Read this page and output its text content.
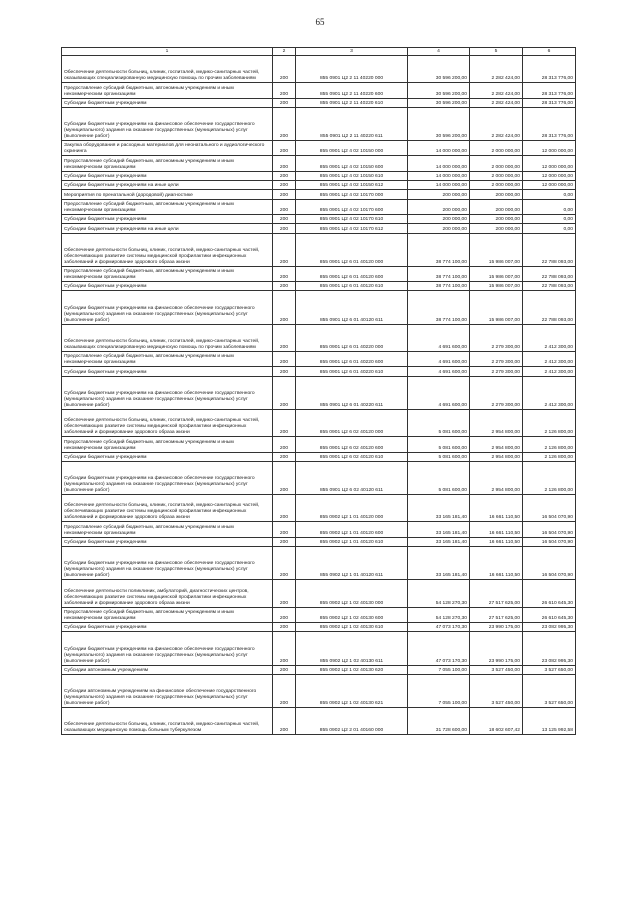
65
1	2	3	4	5	6
Обеспечение деятельности больниц, клиник, госпиталей, медико-санитарных частей, оказывающих специализированную медицинскую помощь по прочим заболеваниям	200	855 0901 Ц2 2 11 40220 000	30 596 200,00	2 282 424,00	28 313 776,00
Предоставление субсидий бюджетным, автономным учреждениям и иным некоммерческим организациям	200	855 0901 Ц2 2 11 40220 600	30 596 200,00	2 282 424,00	28 313 776,00
Субсидии бюджетным учреждениям	200	855 0901 Ц2 2 11 40220 610	30 596 200,00	2 282 424,00	28 313 776,00
Субсидии бюджетным учреждениям на финансовое обеспечение государственного (муниципального) задания на оказание государственных (муниципальных) услуг (выполнение работ)	200	855 0901 Ц2 2 11 40220 611	30 596 200,00	2 282 424,00	28 313 776,00
Закупка оборудования и расходных материалов для неонатального и аудиологического скрининга	200	855 0901 Ц2 4 02 10150 000	14 000 000,00	2 000 000,00	12 000 000,00
Предоставление субсидий бюджетным, автономным учреждениям и иным некоммерческим организациям	200	855 0901 Ц2 4 02 10150 600	14 000 000,00	2 000 000,00	12 000 000,00
Субсидии бюджетным учреждениям	200	855 0901 Ц2 4 02 10150 610	14 000 000,00	2 000 000,00	12 000 000,00
Субсидии бюджетным учреждениям на иные цели	200	855 0901 Ц2 4 02 10150 612	14 000 000,00	2 000 000,00	12 000 000,00
Мероприятия по пренатальной (дородовой) диагностике	200	855 0901 Ц2 4 02 10170 000	200 000,00	200 000,00	0,00
Предоставление субсидий бюджетным, автономным учреждениям и иным некоммерческим организациям	200	855 0901 Ц2 4 02 10170 600	200 000,00	200 000,00	0,00
Субсидии бюджетным учреждениям	200	855 0901 Ц2 4 02 10170 610	200 000,00	200 000,00	0,00
Субсидии бюджетным учреждениям на иные цели	200	855 0901 Ц2 4 02 10170 612	200 000,00	200 000,00	0,00
Обеспечение деятельности больниц, клиник, госпиталей, медико-санитарных частей, обеспечивающих развитие системы медицинской профилактики инфекционных заболеваний и формирование здорового образа жизни	200	855 0901 Ц2 6 01 40120 000	38 774 100,00	15 986 007,00	22 788 093,00
Предоставление субсидий бюджетным, автономным учреждениям и иным некоммерческим организациям	200	855 0901 Ц2 6 01 40120 600	38 774 100,00	15 986 007,00	22 788 093,00
Субсидии бюджетным учреждениям	200	855 0901 Ц2 6 01 40120 610	38 774 100,00	15 986 007,00	22 788 093,00
Субсидии бюджетным учреждениям на финансовое обеспечение государственного (муниципального) задания на оказание государственных (муниципальных) услуг (выполнение работ)	200	855 0901 Ц2 6 01 40120 611	38 774 100,00	15 986 007,00	22 788 093,00
Обеспечение деятельности больниц, клиник, госпиталей, медико-санитарных частей, оказывающих специализированную медицинскую помощь по прочим заболеваниям	200	855 0901 Ц2 6 01 40220 000	4 691 600,00	2 279 300,00	2 412 300,00
Предоставление субсидий бюджетным, автономным учреждениям и иным некоммерческим организациям	200	855 0901 Ц2 6 01 40220 600	4 691 600,00	2 279 300,00	2 412 300,00
Субсидии бюджетным учреждениям	200	855 0901 Ц2 6 01 40220 610	4 691 600,00	2 279 300,00	2 412 300,00
Субсидии бюджетным учреждениям на финансовое обеспечение государственного (муниципального) задания на оказание государственных (муниципальных) услуг (выполнение работ)	200	855 0901 Ц2 6 01 40220 611	4 691 600,00	2 279 300,00	2 412 300,00
Обеспечение деятельности больниц, клиник, госпиталей, медико-санитарных частей, обеспечивающих развитие системы медицинской профилактики инфекционных заболеваний и формирование здорового образа жизни	200	855 0901 Ц2 6 02 40120 000	5 081 600,00	2 954 800,00	2 126 800,00
Предоставление субсидий бюджетным, автономным учреждениям и иным некоммерческим организациям	200	855 0901 Ц2 6 02 40120 600	5 081 600,00	2 954 800,00	2 126 800,00
Субсидии бюджетным учреждениям	200	855 0901 Ц2 6 02 40120 610	5 081 600,00	2 954 800,00	2 126 800,00
Субсидии бюджетным учреждениям на финансовое обеспечение государственного (муниципального) задания на оказание государственных (муниципальных) услуг (выполнение работ)	200	855 0901 Ц2 6 02 40120 611	5 081 600,00	2 954 800,00	2 126 800,00
Обеспечение деятельности больниц, клиник, госпиталей, медико-санитарных частей, обеспечивающих развитие системы медицинской профилактики инфекционных заболеваний и формирование здорового образа жизни	200	855 0902 Ц2 1 01 40120 000	33 165 181,40	16 661 110,50	16 504 070,90
Предоставление субсидий бюджетным, автономным учреждениям и иным некоммерческим организациям	200	855 0902 Ц2 1 01 40120 600	33 165 181,40	16 661 110,50	16 504 070,90
Субсидии бюджетным учреждениям	200	855 0902 Ц2 1 01 40120 610	33 165 181,40	16 661 110,50	16 504 070,90
Субсидии бюджетным учреждениям на финансовое обеспечение государственного (муниципального) задания на оказание государственных (муниципальных) услуг (выполнение работ)	200	855 0902 Ц2 1 01 40120 611	33 165 181,40	16 661 110,50	16 504 070,90
Обеспечение деятельности поликлиник, амбулаторий, диагностических центров, обеспечивающих развитие системы медицинской профилактики инфекционных заболеваний и формирование здорового образа жизни	200	855 0902 Ц2 1 02 40130 000	54 128 270,30	27 517 625,00	26 610 645,30
Предоставление субсидий бюджетным, автономным учреждениям и иным некоммерческим организациям	200	855 0902 Ц2 1 02 40130 600	54 128 270,30	27 517 625,00	26 610 645,30
Субсидии бюджетным учреждениям	200	855 0902 Ц2 1 02 40130 610	47 073 170,30	23 990 175,00	23 082 995,30
Субсидии бюджетным учреждениям на финансовое обеспечение государственного (муниципального) задания на оказание государственных (муниципальных) услуг (выполнение работ)	200	855 0902 Ц2 1 02 40130 611	47 073 170,30	23 990 175,00	23 082 995,30
Субсидии автономным учреждениям	200	855 0902 Ц2 1 02 40130 620	7 055 100,00	3 527 450,00	3 527 650,00
Субсидии автономным учреждениям на финансовое обеспечение государственного (муниципального) задания на оказание государственных (муниципальных) услуг (выполнение работ)	200	855 0902 Ц2 1 02 40130 621	7 055 100,00	3 527 450,00	3 527 650,00
Обеспечение деятельности больниц, клиник, госпиталей, медико-санитарных частей, оказывающих медицинскую помощь больным туберкулезом	200	855 0902 Ц2 2 01 40160 000	31 728 600,00	18 602 607,42	13 125 992,58
